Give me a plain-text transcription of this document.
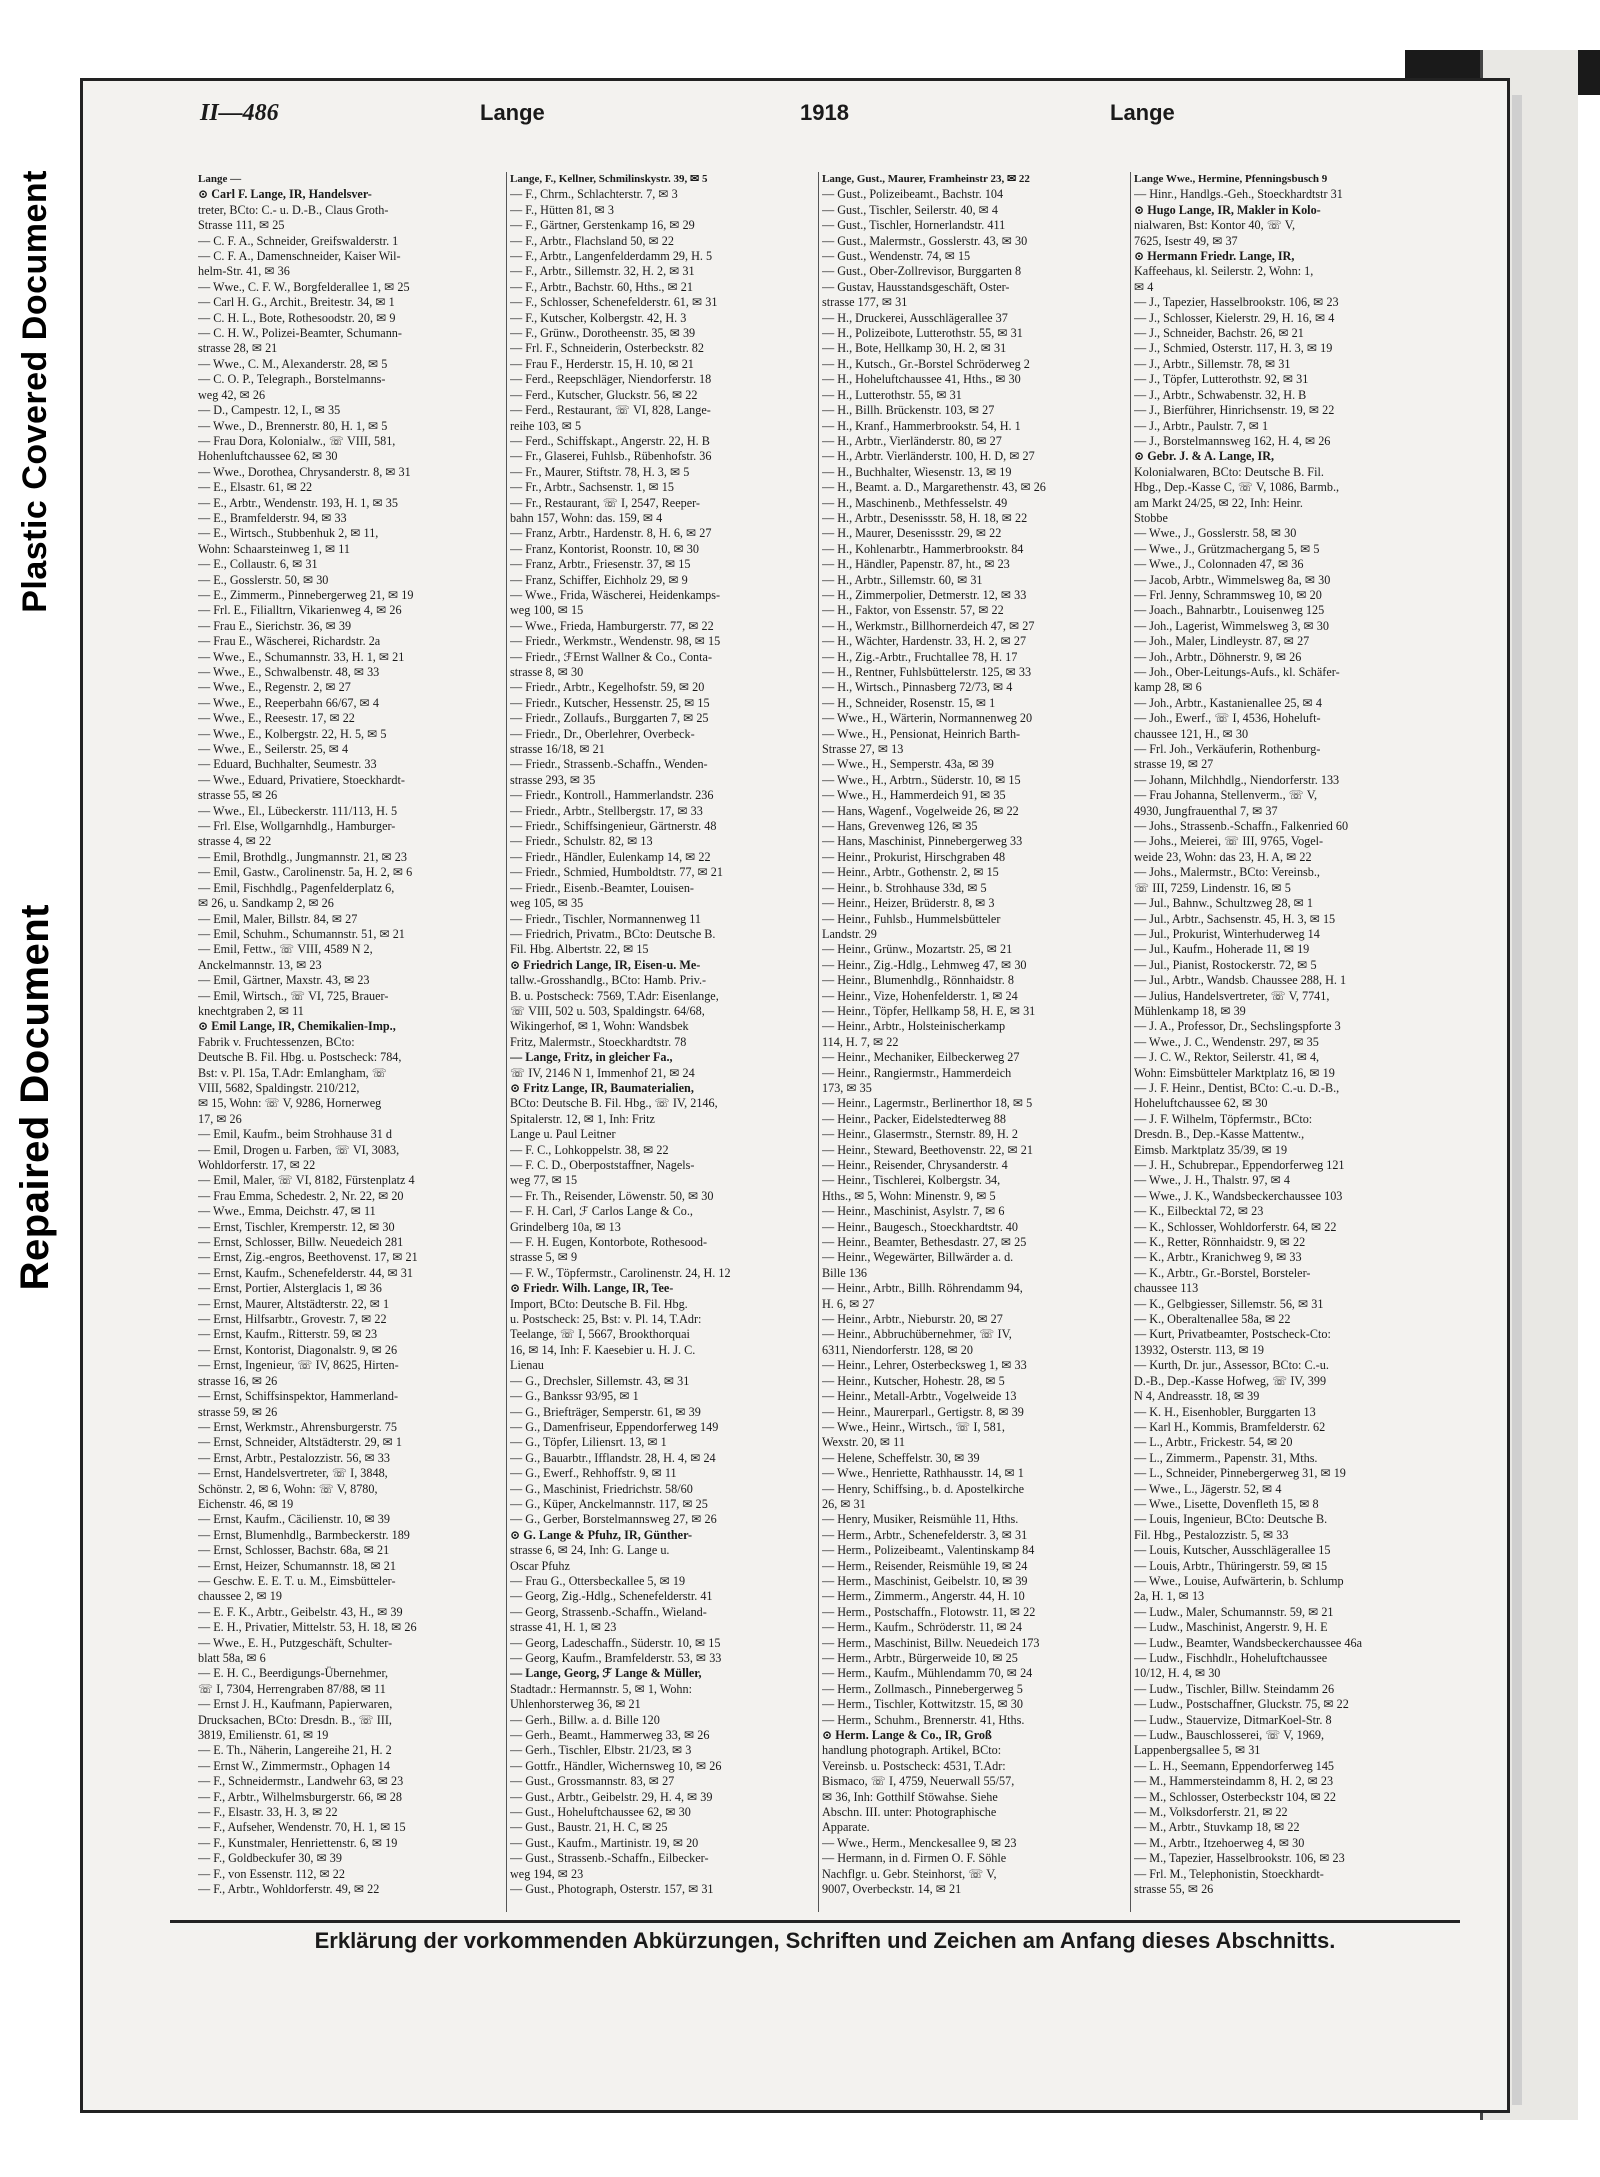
Plastic Covered Document
Repaired Document
II—486	Lange	1918	Lange

Lange —

⊙ Carl F. Lange, IR, Handelsver-

treter, BCto: C.- u. D.-B., Claus Groth-

Strasse 111, ✉ 25

— C. F. A., Schneider, Greifswalderstr. 1

— C. F. A., Damenschneider, Kaiser Wil-

helm-Str. 41, ✉ 36

— Wwe., C. F. W., Borgfelderallee 1, ✉ 25

— Carl H. G., Archit., Breitestr. 34, ✉ 1

— C. H. L., Bote, Rothesoodstr. 20, ✉ 9

— C. H. W., Polizei-Beamter, Schumann-

strasse 28, ✉ 21

— Wwe., C. M., Alexanderstr. 28, ✉ 5

— C. O. P., Telegraph., Borstelmanns-

weg 42, ✉ 26

— D., Campestr. 12, I., ✉ 35

— Wwe., D., Brennerstr. 80, H. 1, ✉ 5

— Frau Dora, Kolonialw., ☏ VIII, 581,

Hohenluftchaussee 62, ✉ 30

— Wwe., Dorothea, Chrysanderstr. 8, ✉ 31

— E., Elsastr. 61, ✉ 22

— E., Arbtr., Wendenstr. 193, H. 1, ✉ 35

— E., Bramfelderstr. 94, ✉ 33

— E., Wirtsch., Stubbenhuk 2, ✉ 11,

Wohn: Schaarsteinweg 1, ✉ 11

— E., Collaustr. 6, ✉ 31

— E., Gosslerstr. 50, ✉ 30

— E., Zimmerm., Pinnebergerweg 21, ✉ 19

— Frl. E., Filialltrn, Vikarienweg 4, ✉ 26

— Frau E., Sierichstr. 36, ✉ 39

— Frau E., Wäscherei, Richardstr. 2a

— Wwe., E., Schumannstr. 33, H. 1, ✉ 21

— Wwe., E., Schwalbenstr. 48, ✉ 33

— Wwe., E., Regenstr. 2, ✉ 27

— Wwe., E., Reeperbahn 66/67, ✉ 4

— Wwe., E., Reesestr. 17, ✉ 22

— Wwe., E., Kolbergstr. 22, H. 5, ✉ 5

— Wwe., E., Seilerstr. 25, ✉ 4

— Eduard, Buchhalter, Seumestr. 33

— Wwe., Eduard, Privatiere, Stoeckhardt-

strasse 55, ✉ 26

— Wwe., El., Lübeckerstr. 111/113, H. 5

— Frl. Else, Wollgarnhdlg., Hamburger-

strasse 4, ✉ 22

— Emil, Brothdlg., Jungmannstr. 21, ✉ 23

— Emil, Gastw., Carolinenstr. 5a, H. 2, ✉ 6

— Emil, Fischhdlg., Pagenfelderplatz 6,

✉ 26, u. Sandkamp 2, ✉ 26

— Emil, Maler, Billstr. 84, ✉ 27

— Emil, Schuhm., Schumannstr. 51, ✉ 21

— Emil, Fettw., ☏ VIII, 4589 N 2,

Anckelmannstr. 13, ✉ 23

— Emil, Gärtner, Maxstr. 43, ✉ 23

— Emil, Wirtsch., ☏ VI, 725, Brauer-

knechtgraben 2, ✉ 11

⊙ Emil Lange, IR, Chemikalien-Imp.,

Fabrik v. Fruchtessenzen, BCto:

Deutsche B. Fil. Hbg. u. Postscheck: 784,

Bst: v. Pl. 15a, T.Adr: Emlangham, ☏

VIII, 5682, Spaldingstr. 210/212,

✉ 15, Wohn: ☏ V, 9286, Hornerweg

17, ✉ 26

— Emil, Kaufm., beim Strohhause 31 d

— Emil, Drogen u. Farben, ☏ VI, 3083,

Wohldorferstr. 17, ✉ 22

— Emil, Maler, ☏ VI, 8182, Fürstenplatz 4

— Frau Emma, Schedestr. 2, Nr. 22, ✉ 20

— Wwe., Emma, Deichstr. 47, ✉ 11

— Ernst, Tischler, Kremperstr. 12, ✉ 30

— Ernst, Schlosser, Billw. Neuedeich 281

— Ernst, Zig.-engros, Beethovenst. 17, ✉ 21

— Ernst, Kaufm., Schenefelderstr. 44, ✉ 31

— Ernst, Portier, Alsterglacis 1, ✉ 36

— Ernst, Maurer, Altstädterstr. 22, ✉ 1

— Ernst, Hilfsarbtr., Grovestr. 7, ✉ 22

— Ernst, Kaufm., Ritterstr. 59, ✉ 23

— Ernst, Kontorist, Diagonalstr. 9, ✉ 26

— Ernst, Ingenieur, ☏ IV, 8625, Hirten-

strasse 16, ✉ 26

— Ernst, Schiffsinspektor, Hammerland-

strasse 59, ✉ 26

— Ernst, Werkmstr., Ahrensburgerstr. 75

— Ernst, Schneider, Altstädterstr. 29, ✉ 1

— Ernst, Arbtr., Pestalozzistr. 56, ✉ 33

— Ernst, Handelsvertreter, ☏ I, 3848,

Schönstr. 2, ✉ 6, Wohn: ☏ V, 8780,

Eichenstr. 46, ✉ 19

— Ernst, Kaufm., Cäcilienstr. 10, ✉ 39

— Ernst, Blumenhdlg., Barmbeckerstr. 189

— Ernst, Schlosser, Bachstr. 68a, ✉ 21

— Ernst, Heizer, Schumannstr. 18, ✉ 21

— Geschw. E. E. T. u. M., Eimsbütteler-

chaussee 2, ✉ 19

— E. F. K., Arbtr., Geibelstr. 43, H., ✉ 39

— E. H., Privatier, Mittelstr. 53, H. 18, ✉ 26

— Wwe., E. H., Putzgeschäft, Schulter-

blatt 58a, ✉ 6

— E. H. C., Beerdigungs-Übernehmer,

☏ I, 7304, Herrengraben 87/88, ✉ 11

— Ernst J. H., Kaufmann, Papierwaren,

Drucksachen, BCto: Dresdn. B., ☏ III,

3819, Emilienstr. 61, ✉ 19

— E. Th., Näherin, Langereihe 21, H. 2

— Ernst W., Zimmermstr., Ophagen 14

— F., Schneidermstr., Landwehr 63, ✉ 23

— F., Arbtr., Wilhelmsburgerstr. 66, ✉ 28

— F., Elsastr. 33, H. 3, ✉ 22

— F., Aufseher, Wendenstr. 70, H. 1, ✉ 15

— F., Kunstmaler, Henriettenstr. 6, ✉ 19

— F., Goldbeckufer 30, ✉ 39

— F., von Essenstr. 112, ✉ 22

— F., Arbtr., Wohldorferstr. 49, ✉ 22

Lange, F., Kellner, Schmilinskystr. 39, ✉ 5

— F., Chrm., Schlachterstr. 7, ✉ 3

— F., Hütten 81, ✉ 3

— F., Gärtner, Gerstenkamp 16, ✉ 29

— F., Arbtr., Flachsland 50, ✉ 22

— F., Arbtr., Langenfelderdamm 29, H. 5

— F., Arbtr., Sillemstr. 32, H. 2, ✉ 31

— F., Arbtr., Bachstr. 60, Hths., ✉ 21

— F., Schlosser, Schenefelderstr. 61, ✉ 31

— F., Kutscher, Kolbergstr. 42, H. 3

— F., Grünw., Dorotheenstr. 35, ✉ 39

— Frl. F., Schneiderin, Osterbeckstr. 82

— Frau F., Herderstr. 15, H. 10, ✉ 21

— Ferd., Reepschläger, Niendorferstr. 18

— Ferd., Kutscher, Gluckstr. 56, ✉ 22

— Ferd., Restaurant, ☏ VI, 828, Lange-

reihe 103, ✉ 5

— Ferd., Schiffskapt., Angerstr. 22, H. B

— Fr., Glaserei, Fuhlsb., Rübenhofstr. 36

— Fr., Maurer, Stiftstr. 78, H. 3, ✉ 5

— Fr., Arbtr., Sachsenstr. 1, ✉ 15

— Fr., Restaurant, ☏ I, 2547, Reeper-

bahn 157, Wohn: das. 159, ✉ 4

— Franz, Arbtr., Hardenstr. 8, H. 6, ✉ 27

— Franz, Kontorist, Roonstr. 10, ✉ 30

— Franz, Arbtr., Friesenstr. 37, ✉ 15

— Franz, Schiffer, Eichholz 29, ✉ 9

— Wwe., Frida, Wäscherei, Heidenkamps-

weg 100, ✉ 15

— Wwe., Frieda, Hamburgerstr. 77, ✉ 22

— Friedr., Werkmstr., Wendenstr. 98, ✉ 15

— Friedr., ℱErnst Wallner & Co., Conta-

strasse 8, ✉ 30

— Friedr., Arbtr., Kegelhofstr. 59, ✉ 20

— Friedr., Kutscher, Hessenstr. 25, ✉ 15

— Friedr., Zollaufs., Burggarten 7, ✉ 25

— Friedr., Dr., Oberlehrer, Overbeck-

strasse 16/18, ✉ 21

— Friedr., Strassenb.-Schaffn., Wenden-

strasse 293, ✉ 35

— Friedr., Kontroll., Hammerlandstr. 236

— Friedr., Arbtr., Stellbergstr. 17, ✉ 33

— Friedr., Schiffsingenieur, Gärtnerstr. 48

— Friedr., Schulstr. 82, ✉ 13

— Friedr., Händler, Eulenkamp 14, ✉ 22

— Friedr., Schmied, Humboldtstr. 77, ✉ 21

— Friedr., Eisenb.-Beamter, Louisen-

weg 105, ✉ 35

— Friedr., Tischler, Normannenweg 11

— Friedrich, Privatm., BCto: Deutsche B.

Fil. Hbg. Albertstr. 22, ✉ 15

⊙ Friedrich Lange, IR, Eisen-u. Me-

tallw.-Grosshandlg., BCto: Hamb. Priv.-

B. u. Postscheck: 7569, T.Adr: Eisenlange,

☏ VIII, 502 u. 503, Spaldingstr. 64/68,

Wikingerhof, ✉ 1, Wohn: Wandsbek

Fritz, Malermstr., Stoeckhardtstr. 78

— Lange, Fritz, in gleicher Fa.,

☏ IV, 2146 N 1, Immenhof 21, ✉ 24

⊙ Fritz Lange, IR, Baumaterialien,

BCto: Deutsche B. Fil. Hbg., ☏ IV, 2146,

Spitalerstr. 12, ✉ 1, Inh: Fritz

Lange u. Paul Leitner

— F. C., Lohkoppelstr. 38, ✉ 22

— F. C. D., Oberpoststaffner, Nagels-

weg 77, ✉ 15

— Fr. Th., Reisender, Löwenstr. 50, ✉ 30

— F. H. Carl, ℱ Carlos Lange & Co.,

Grindelberg 10a, ✉ 13

— F. H. Eugen, Kontorbote, Rothesood-

strasse 5, ✉ 9

— F. W., Töpfermstr., Carolinenstr. 24, H. 12

⊙ Friedr. Wilh. Lange, IR, Tee-

Import, BCto: Deutsche B. Fil. Hbg.

u. Postscheck: 25, Bst: v. Pl. 14, T.Adr:

Teelange, ☏ I, 5667, Brookthorquai

16, ✉ 14, Inh: F. Kaesebier u. H. J. C.

Lienau

— G., Drechsler, Sillemstr. 43, ✉ 31

— G., Bankssr 93/95, ✉ 1

— G., Briefträger, Semperstr. 61, ✉ 39

— G., Damenfriseur, Eppendorferweg 149

— G., Töpfer, Liliensrt. 13, ✉ 1

— G., Bauarbtr., Ifflandstr. 28, H. 4, ✉ 24

— G., Ewerf., Rehhoffstr. 9, ✉ 11

— G., Maschinist, Friedrichstr. 58/60

— G., Küper, Anckelmannstr. 117, ✉ 25

— G., Gerber, Borstelmannsweg 27, ✉ 26

⊙ G. Lange & Pfuhz, IR, Günther-

strasse 6, ✉ 24, Inh: G. Lange u.

Oscar Pfuhz

— Frau G., Ottersbeckallee 5, ✉ 19

— Georg, Zig.-Hdlg., Schenefelderstr. 41

— Georg, Strassenb.-Schaffn., Wieland-

strasse 41, H. 1, ✉ 23

— Georg, Ladeschaffn., Süderstr. 10, ✉ 15

— Georg, Kaufm., Bramfelderstr. 53, ✉ 33

— Lange, Georg, ℱ Lange & Müller,

Stadtadr.: Hermannstr. 5, ✉ 1, Wohn:

Uhlenhorsterweg 36, ✉ 21

— Gerh., Billw. a. d. Bille 120

— Gerh., Beamt., Hammerweg 33, ✉ 26

— Gerh., Tischler, Elbstr. 21/23, ✉ 3

— Gottfr., Händler, Wichernsweg 10, ✉ 26

— Gust., Grossmannstr. 83, ✉ 27

— Gust., Arbtr., Geibelstr. 29, H. 4, ✉ 39

— Gust., Hoheluftchaussee 62, ✉ 30

— Gust., Baustr. 21, H. C, ✉ 25

— Gust., Kaufm., Martinistr. 19, ✉ 20

— Gust., Strassenb.-Schaffn., Eilbecker-

weg 194, ✉ 23

— Gust., Photograph, Osterstr. 157, ✉ 31

Lange, Gust., Maurer, Framheinstr 23, ✉ 22

— Gust., Polizeibeamt., Bachstr. 104

— Gust., Tischler, Seilerstr. 40, ✉ 4

— Gust., Tischler, Hornerlandstr. 411

— Gust., Malermstr., Gosslerstr. 43, ✉ 30

— Gust., Wendenstr. 74, ✉ 15

— Gust., Ober-Zollrevisor, Burggarten 8

— Gustav, Hausstandsgeschäft, Oster-

strasse 177, ✉ 31

— H., Druckerei, Ausschlägerallee 37

— H., Polizeibote, Lutterothstr. 55, ✉ 31

— H., Bote, Hellkamp 30, H. 2, ✉ 31

— H., Kutsch., Gr.-Borstel Schröderweg 2

— H., Hoheluftchaussee 41, Hths., ✉ 30

— H., Lutterothstr. 55, ✉ 31

— H., Billh. Brückenstr. 103, ✉ 27

— H., Kranf., Hammerbrookstr. 54, H. 1

— H., Arbtr., Vierländerstr. 80, ✉ 27

— H., Arbtr. Vierländerstr. 100, H. D, ✉ 27

— H., Buchhalter, Wiesenstr. 13, ✉ 19

— H., Beamt. a. D., Margarethenstr. 43, ✉ 26

— H., Maschinenb., Methfesselstr. 49

— H., Arbtr., Desenissstr. 58, H. 18, ✉ 22

— H., Maurer, Desenissstr. 29, ✉ 22

— H., Kohlenarbtr., Hammerbrookstr. 84

— H., Händler, Papenstr. 87, ht., ✉ 23

— H., Arbtr., Sillemstr. 60, ✉ 31

— H., Zimmerpolier, Detmerstr. 12, ✉ 33

— H., Faktor, von Essenstr. 57, ✉ 22

— H., Werkmstr., Billhornerdeich 47, ✉ 27

— H., Wächter, Hardenstr. 33, H. 2, ✉ 27

— H., Zig.-Arbtr., Fruchtallee 78, H. 17

— H., Rentner, Fuhlsbüttelerstr. 125, ✉ 33

— H., Wirtsch., Pinnasberg 72/73, ✉ 4

— H., Schneider, Rosenstr. 15, ✉ 1

— Wwe., H., Wärterin, Normannenweg 20

— Wwe., H., Pensionat, Heinrich Barth-

Strasse 27, ✉ 13

— Wwe., H., Semperstr. 43a, ✉ 39

— Wwe., H., Arbtrn., Süderstr. 10, ✉ 15

— Wwe., H., Hammerdeich 91, ✉ 35

— Hans, Wagenf., Vogelweide 26, ✉ 22

— Hans, Grevenweg 126, ✉ 35

— Hans, Maschinist, Pinnebergerweg 33

— Heinr., Prokurist, Hirschgraben 48

— Heinr., Arbtr., Gothenstr. 2, ✉ 15

— Heinr., b. Strohhause 33d, ✉ 5

— Heinr., Heizer, Brüderstr. 8, ✉ 3

— Heinr., Fuhlsb., Hummelsbütteler

Landstr. 29

— Heinr., Grünw., Mozartstr. 25, ✉ 21

— Heinr., Zig.-Hdlg., Lehmweg 47, ✉ 30

— Heinr., Blumenhdlg., Rönnhaidstr. 8

— Heinr., Vize, Hohenfelderstr. 1, ✉ 24

— Heinr., Töpfer, Hellkamp 58, H. E, ✉ 31

— Heinr., Arbtr., Holsteinischerkamp

114, H. 7, ✉ 22

— Heinr., Mechaniker, Eilbeckerweg 27

— Heinr., Rangiermstr., Hammerdeich

173, ✉ 35

— Heinr., Lagermstr., Berlinerthor 18, ✉ 5

— Heinr., Packer, Eidelstedterweg 88

— Heinr., Glasermstr., Sternstr. 89, H. 2

— Heinr., Steward, Beethovenstr. 22, ✉ 21

— Heinr., Reisender, Chrysanderstr. 4

— Heinr., Tischlerei, Kolbergstr. 34,

Hths., ✉ 5, Wohn: Minenstr. 9, ✉ 5

— Heinr., Maschinist, Asylstr. 7, ✉ 6

— Heinr., Baugesch., Stoeckhardtstr. 40

— Heinr., Beamter, Bethesdastr. 27, ✉ 25

— Heinr., Wegewärter, Billwärder a. d.

Bille 136

— Heinr., Arbtr., Billh. Röhrendamm 94,

H. 6, ✉ 27

— Heinr., Arbtr., Nieburstr. 20, ✉ 27

— Heinr., Abbruchübernehmer, ☏ IV,

6311, Niendorferstr. 128, ✉ 20

— Heinr., Lehrer, Osterbecksweg 1, ✉ 33

— Heinr., Kutscher, Hohestr. 28, ✉ 5

— Heinr., Metall-Arbtr., Vogelweide 13

— Heinr., Maurerparl., Gertigstr. 8, ✉ 39

— Wwe., Heinr., Wirtsch., ☏ I, 581,

Wexstr. 20, ✉ 11

— Helene, Scheffelstr. 30, ✉ 39

— Wwe., Henriette, Rathhausstr. 14, ✉ 1

— Henry, Schiffsing., b. d. Apostelkirche

26, ✉ 31

— Henry, Musiker, Reismühle 11, Hths.

— Herm., Arbtr., Schenefelderstr. 3, ✉ 31

— Herm., Polizeibeamt., Valentinskamp 84

— Herm., Reisender, Reismühle 19, ✉ 24

— Herm., Maschinist, Geibelstr. 10, ✉ 39

— Herm., Zimmerm., Angerstr. 44, H. 10

— Herm., Postschaffn., Flotowstr. 11, ✉ 22

— Herm., Kaufm., Schröderstr. 11, ✉ 24

— Herm., Maschinist, Billw. Neuedeich 173

— Herm., Arbtr., Bürgerweide 10, ✉ 25

— Herm., Kaufm., Mühlendamm 70, ✉ 24

— Herm., Zollmasch., Pinnebergerweg 5

— Herm., Tischler, Kottwitzstr. 15, ✉ 30

— Herm., Schuhm., Brennerstr. 41, Hths.

⊙ Herm. Lange & Co., IR, Groß

handlung photograph. Artikel, BCto:

Vereinsb. u. Postscheck: 4531, T.Adr:

Bismaco, ☏ I, 4759, Neuerwall 55/57,

✉ 36, Inh: Gotthilf Stöwahse. Siehe

Abschn. III. unter: Photographische

Apparate.

— Wwe., Herm., Menckesallee 9, ✉ 23

— Hermann, in d. Firmen O. F. Söhle

Nachflgr. u. Gebr. Steinhorst, ☏ V,

9007, Overbeckstr. 14, ✉ 21

Lange Wwe., Hermine, Pfenningsbusch 9

— Hinr., Handlgs.-Geh., Stoeckhardtstr 31

⊙ Hugo Lange, IR, Makler in Kolo-

nialwaren, Bst: Kontor 40, ☏ V,

7625, Isestr 49, ✉ 37

⊙ Hermann Friedr. Lange, IR,

Kaffeehaus, kl. Seilerstr. 2, Wohn: 1,

✉ 4

— J., Tapezier, Hasselbrookstr. 106, ✉ 23

— J., Schlosser, Kielerstr. 29, H. 16, ✉ 4

— J., Schneider, Bachstr. 26, ✉ 21

— J., Schmied, Osterstr. 117, H. 3, ✉ 19

— J., Arbtr., Sillemstr. 78, ✉ 31

— J., Töpfer, Lutterothstr. 92, ✉ 31

— J., Arbtr., Schwabenstr. 32, H. B

— J., Bierführer, Hinrichsenstr. 19, ✉ 22

— J., Arbtr., Paulstr. 7, ✉ 1

— J., Borstelmannsweg 162, H. 4, ✉ 26

⊙ Gebr. J. & A. Lange, IR,

Kolonialwaren, BCto: Deutsche B. Fil.

Hbg., Dep.-Kasse C, ☏ V, 1086, Barmb.,

am Markt 24/25, ✉ 22, Inh: Heinr.

Stobbe

— Wwe., J., Gosslerstr. 58, ✉ 30

— Wwe., J., Grützmachergang 5, ✉ 5

— Wwe., J., Colonnaden 47, ✉ 36

— Jacob, Arbtr., Wimmelsweg 8a, ✉ 30

— Frl. Jenny, Schrammsweg 10, ✉ 20

— Joach., Bahnarbtr., Louisenweg 125

— Joh., Lagerist, Wimmelsweg 3, ✉ 30

— Joh., Maler, Lindleystr. 87, ✉ 27

— Joh., Arbtr., Döhnerstr. 9, ✉ 26

— Joh., Ober-Leitungs-Aufs., kl. Schäfer-

kamp 28, ✉ 6

— Joh., Arbtr., Kastanienallee 25, ✉ 4

— Joh., Ewerf., ☏ I, 4536, Hoheluft-

chaussee 121, H., ✉ 30

— Frl. Joh., Verkäuferin, Rothenburg-

strasse 19, ✉ 27

— Johann, Milchhdlg., Niendorferstr. 133

— Frau Johanna, Stellenverm., ☏ V,

4930, Jungfrauenthal 7, ✉ 37

— Johs., Strassenb.-Schaffn., Falkenried 60

— Johs., Meierei, ☏ III, 9765, Vogel-

weide 23, Wohn: das 23, H. A, ✉ 22

— Johs., Malermstr., BCto: Vereinsb.,

☏ III, 7259, Lindenstr. 16, ✉ 5

— Jul., Bahnw., Schultzweg 28, ✉ 1

— Jul., Arbtr., Sachsenstr. 45, H. 3, ✉ 15

— Jul., Prokurist, Winterhuderweg 14

— Jul., Kaufm., Hoherade 11, ✉ 19

— Jul., Pianist, Rostockerstr. 72, ✉ 5

— Jul., Arbtr., Wandsb. Chaussee 288, H. 1

— Julius, Handelsvertreter, ☏ V, 7741,

Mühlenkamp 18, ✉ 39

— J. A., Professor, Dr., Sechslingspforte 3

— Wwe., J. C., Wendenstr. 297, ✉ 35

— J. C. W., Rektor, Seilerstr. 41, ✉ 4,

Wohn: Eimsbütteler Marktplatz 16, ✉ 19

— J. F. Heinr., Dentist, BCto: C.-u. D.-B.,

Hoheluftchaussee 62, ✉ 30

— J. F. Wilhelm, Töpfermstr., BCto:

Dresdn. B., Dep.-Kasse Mattentw.,

Eimsb. Marktplatz 35/39, ✉ 19

— J. H., Schubrepar., Eppendorferweg 121

— Wwe., J. H., Thalstr. 97, ✉ 4

— Wwe., J. K., Wandsbeckerchaussee 103

— K., Eilbecktal 72, ✉ 23

— K., Schlosser, Wohldorferstr. 64, ✉ 22

— K., Retter, Rönnhaidstr. 9, ✉ 22

— K., Arbtr., Kranichweg 9, ✉ 33

— K., Arbtr., Gr.-Borstel, Borsteler-

chaussee 113

— K., Gelbgiesser, Sillemstr. 56, ✉ 31

— K., Oberaltenallee 58a, ✉ 22

— Kurt, Privatbeamter, Postscheck-Cto:

13932, Osterstr. 113, ✉ 19

— Kurth, Dr. jur., Assessor, BCto: C.-u.

D.-B., Dep.-Kasse Hofweg, ☏ IV, 399

N 4, Andreasstr. 18, ✉ 39

— K. H., Eisenhobler, Burggarten 13

— Karl H., Kommis, Bramfelderstr. 62

— L., Arbtr., Frickestr. 54, ✉ 20

— L., Zimmerm., Papenstr. 31, Mths.

— L., Schneider, Pinnebergerweg 31, ✉ 19

— Wwe., L., Jägerstr. 52, ✉ 4

— Wwe., Lisette, Dovenfleth 15, ✉ 8

— Louis, Ingenieur, BCto: Deutsche B.

Fil. Hbg., Pestalozzistr. 5, ✉ 33

— Louis, Kutscher, Ausschlägerallee 15

— Louis, Arbtr., Thüringerstr. 59, ✉ 15

— Wwe., Louise, Aufwärterin, b. Schlump

2a, H. 1, ✉ 13

— Ludw., Maler, Schumannstr. 59, ✉ 21

— Ludw., Maschinist, Angerstr. 9, H. E

— Ludw., Beamter, Wandsbeckerchaussee 46a

— Ludw., Fischhdlr., Hoheluftchaussee

10/12, H. 4, ✉ 30

— Ludw., Tischler, Billw. Steindamm 26

— Ludw., Postschaffner, Gluckstr. 75, ✉ 22

— Ludw., Stauervize, DitmarKoel-Str. 8

— Ludw., Bauschlosserei, ☏ V, 1969,

Lappenbergsallee 5, ✉ 31

— L. H., Seemann, Eppendorferweg 145

— M., Hammersteindamm 8, H. 2, ✉ 23

— M., Schlosser, Osterbeckstr 104, ✉ 22

— M., Volksdorferstr. 21, ✉ 22

— M., Arbtr., Stuvkamp 18, ✉ 22

— M., Arbtr., Itzehoerweg 4, ✉ 30

— M., Tapezier, Hasselbrookstr. 106, ✉ 23

— Frl. M., Telephonistin, Stoeckhardt-

strasse 55, ✉ 26

Erklärung der vorkommenden Abkürzungen, Schriften und Zeichen am Anfang dieses Abschnitts.
